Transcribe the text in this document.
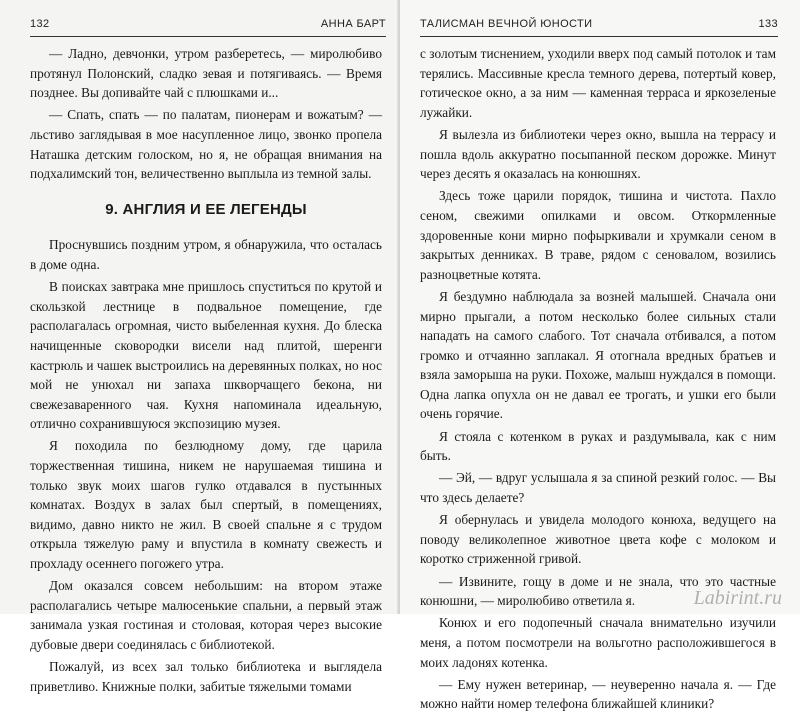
132	АННА БАРТ

— Ладно, девчонки, утром разберетесь, — миролюбиво протянул Полонский, сладко зевая и потягиваясь. — Время позднее. Вы допивайте чай с плюшками и...

— Спать, спать — по палатам, пионерам и вожатым? — льстиво заглядывая в мое насупленное лицо, звонко пропела Наташка детским голоском, но я, не обращая внимания на подхалимский тон, величественно выплыла из темной залы.

9. АНГЛИЯ И ЕЕ ЛЕГЕНДЫ

Проснувшись поздним утром, я обнаружила, что осталась в доме одна.

В поисках завтрака мне пришлось спуститься по крутой и скользкой лестнице в подвальное помещение, где располагалась огромная, чисто выбеленная кухня. До блеска начищенные сковородки висели над плитой, шеренги кастрюль и чашек выстроились на деревянных полках, но нос мой не унюхал ни запаха шкворчащего бекона, ни свежезаваренного чая. Кухня напоминала идеальную, отлично сохранившуюся экспозицию музея.

Я походила по безлюдному дому, где царила торжественная тишина, никем не нарушаемая тишина и только звук моих шагов гулко отдавался в пустынных комнатах. Воздух в залах был спертый, в помещениях, видимо, давно никто не жил. В своей спальне я с трудом открыла тяжелую раму и впустила в комнату свежесть и прохладу осеннего погожего утра.

Дом оказался совсем небольшим: на втором этаже располагались четыре малюсенькие спальни, а первый этаж занимала узкая гостиная и столовая, которая через высокие дубовые двери соединялась с библиотекой.

Пожалуй, из всех зал только библиотека и выглядела приветливо. Книжные полки, забитые тяжелыми томами

ТАЛИСМАН ВЕЧНОЙ ЮНОСТИ	133

с золотым тиснением, уходили вверх под самый потолок и там терялись. Массивные кресла темного дерева, потертый ковер, готическое окно, а за ним — каменная терраса и яркозеленые лужайки.

Я вылезла из библиотеки через окно, вышла на террасу и пошла вдоль аккуратно посыпанной песком дорожке. Минут через десять я оказалась на конюшнях.

Здесь тоже царили порядок, тишина и чистота. Пахло сеном, свежими опилками и овсом. Откормленные здоровенные кони мирно пофыркивали и хрумкали сеном в закрытых денниках. В траве, рядом с сеновалом, возились разноцветные котята.

Я бездумно наблюдала за возней малышей. Сначала они мирно прыгали, а потом несколько более сильных стали нападать на самого слабого. Тот сначала отбивался, а потом громко и отчаянно заплакал. Я отогнала вредных братьев и взяла заморыша на руки. Похоже, малыш нуждался в помощи. Одна лапка опухла он не давал ее трогать, и ушки его были очень горячие.

Я стояла с котенком в руках и раздумывала, как с ним быть.

— Эй, — вдруг услышала я за спиной резкий голос. — Вы что здесь делаете?

Я обернулась и увидела молодого конюха, ведущего на поводу великолепное животное цвета кофе с молоком и коротко стриженной гривой.

— Извините, гощу в доме и не знала, что это частные конюшни, — миролюбиво ответила я.

Конюх и его подопечный сначала внимательно изучили меня, а потом посмотрели на вольготно расположившегося в моих ладонях котенка.

— Ему нужен ветеринар, — неуверенно начала я. — Где можно найти номер телефона ближайшей клиники?

Labirint.ru
